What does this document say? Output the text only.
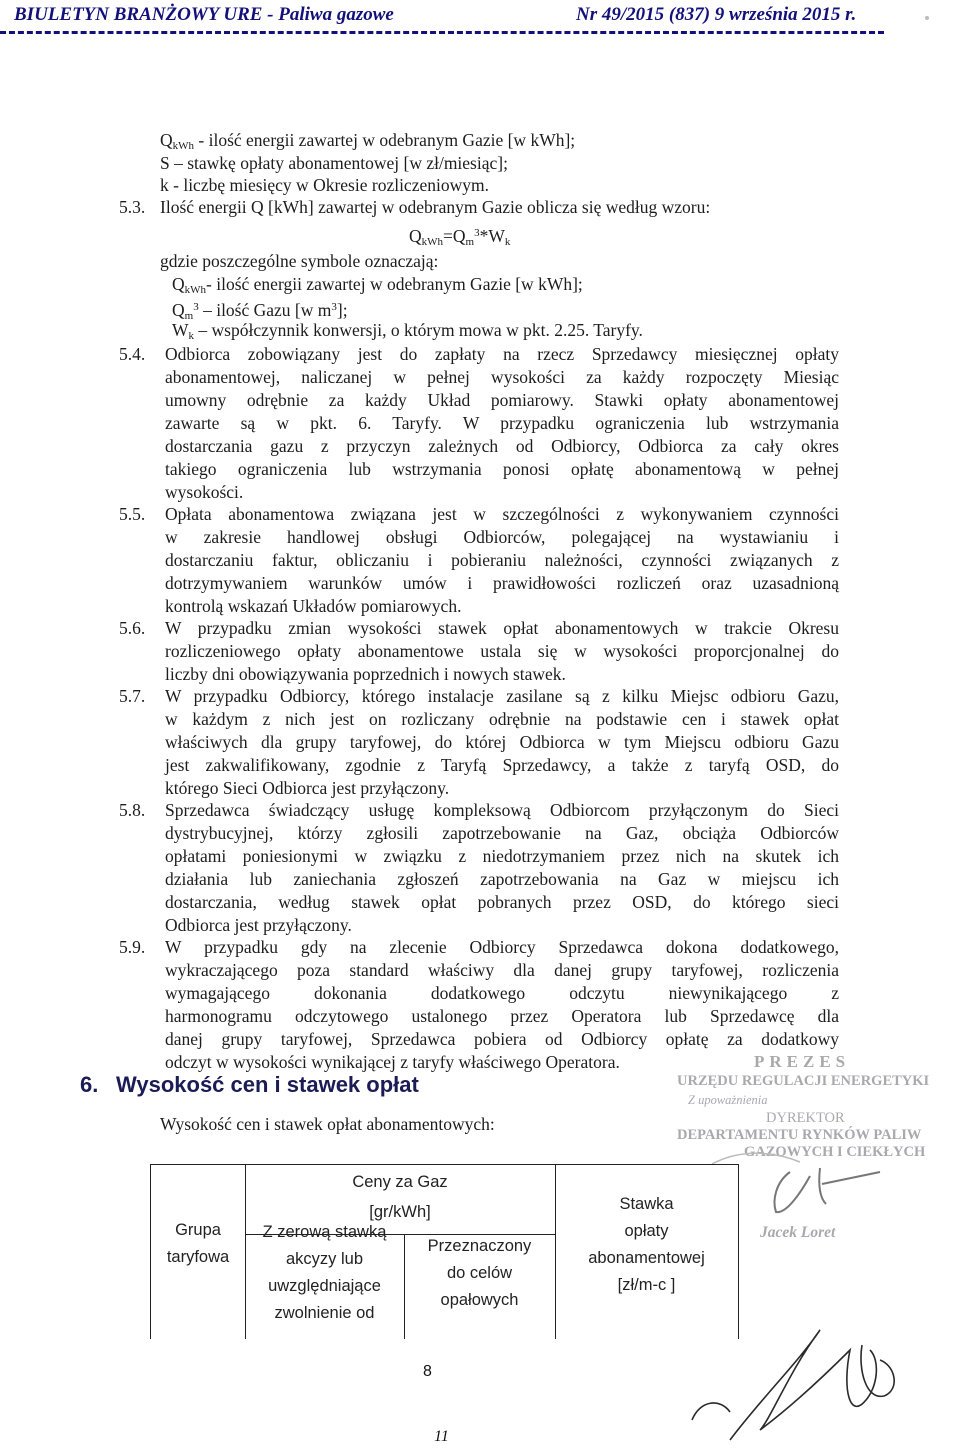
BIULETYN BRANŻOWY URE - Paliwa gazowe	Nr 49/2015 (837) 9 września 2015 r.
$Q_{kWh}$ - ilość energii zawartej w odebranym Gazie [w kWh];
S – stawkę opłaty abonamentowej [w zł/miesiąc];
k - liczbę miesięcy w Okresie rozliczeniowym.
5.3. Ilość energii Q [kWh] zawartej w odebranym Gazie oblicza się według wzoru:
$Q_{kWh}=Q_m^3*W_k$
gdzie poszczególne symbole oznaczają:
$Q_{kWh}-$ ilość energii zawartej w odebranym Gazie [w kWh];
$Q_m^3$ – ilość Gazu [w $m^3$];
$W_k$ – współczynnik konwersji, o którym mowa w pkt. 2.25. Taryfy.
5.4. Odbiorca zobowiązany jest do zapłaty na rzecz Sprzedawcy miesięcznej opłaty
abonamentowej, naliczanej w pełnej wysokości za każdy rozpoczęty Miesiąc
umowny odrębnie za każdy Układ pomiarowy. Stawki opłaty abonamentowej
zawarte są w pkt. 6. Taryfy. W przypadku ograniczenia lub wstrzymania
dostarczania gazu z przyczyn zależnych od Odbiorcy, Odbiorca za cały okres
takiego ograniczenia lub wstrzymania ponosi opłatę abonamentową w pełnej
wysokości.
5.5. Opłata abonamentowa związana jest w szczególności z wykonywaniem czynności
w zakresie handlowej obsługi Odbiorców, polegającej na wystawianiu i
dostarczaniu faktur, obliczaniu i pobieraniu należności, czynności związanych z
dotrzymywaniem warunków umów i prawidłowości rozliczeń oraz uzasadnioną
kontrolą wskazań Układów pomiarowych.
5.6. W przypadku zmian wysokości stawek opłat abonamentowych w trakcie Okresu
rozliczeniowego opłaty abonamentowe ustala się w wysokości proporcjonalnej do
liczby dni obowiązywania poprzednich i nowych stawek.
5.7. W przypadku Odbiorcy, którego instalacje zasilane są z kilku Miejsc odbioru Gazu,
w każdym z nich jest on rozliczany odrębnie na podstawie cen i stawek opłat
właściwych dla grupy taryfowej, do której Odbiorca w tym Miejscu odbioru Gazu
jest zakwalifikowany, zgodnie z Taryfą Sprzedawcy, a także z taryfą OSD, do
którego Sieci Odbiorca jest przyłączony.
5.8. Sprzedawca świadczący usługę kompleksową Odbiorcom przyłączonym do Sieci
dystrybucyjnej, którzy zgłosili zapotrzebowanie na Gaz, obciąża Odbiorców
opłatami poniesionymi w związku z niedotrzymaniem przez nich na skutek ich
działania lub zaniechania zgłoszeń zapotrzebowania na Gaz w miejscu ich
dostarczania, według stawek opłat pobranych przez OSD, do którego sieci
Odbiorca jest przyłączony.
5.9. W przypadku gdy na zlecenie Odbiorcy Sprzedawca dokona dodatkowego,
wykraczającego poza standard właściwy dla danej grupy taryfowej, rozliczenia
wymagającego dokonania dodatkowego odczytu niewynikającego z
harmonogramu odczytowego ustalonego przez Operatora lub Sprzedawcę dla
danej grupy taryfowej, Sprzedawca pobiera od Odbiorcy opłatę za dodatkowy
odczyt w wysokości wynikającej z taryfy właściwego Operatora.
6. Wysokość cen i stawek opłat
Wysokość cen i stawek opłat abonamentowych:
PREZES
URZĘDU REGULACJI ENERGETYKI
Z upoważnienia
DYREKTOR
DEPARTAMENTU RYNKÓW PALIW
GAZOWYCH I CIEKŁYCH
Jacek Loret
Grupa
taryfowa
Ceny za Gaz
[gr/kWh]
Z zerową stawką
akcyzy lub
uwzględniające
zwolnienie od
Przeznaczony
do celów
opałowych
Stawka
opłaty
abonamentowej
[zł/m-c ]
8
11
